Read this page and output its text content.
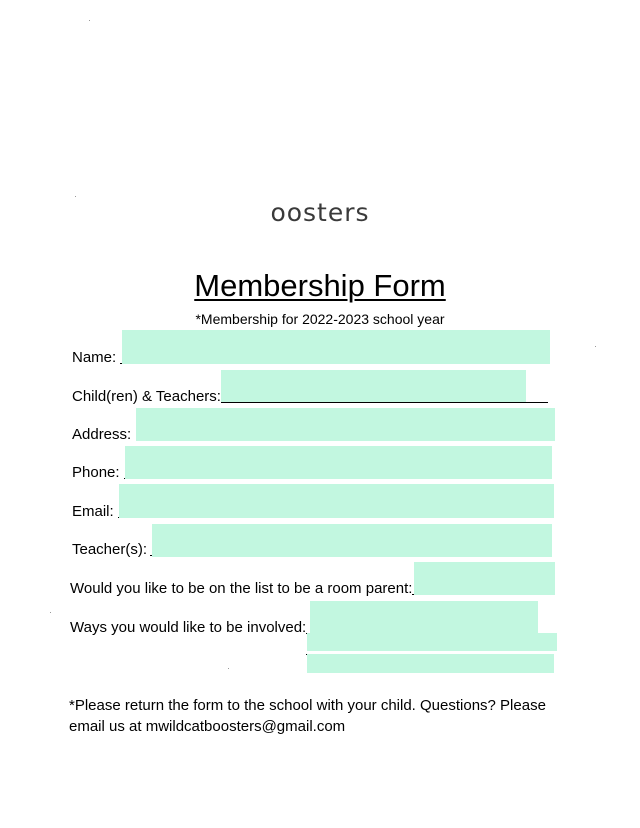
oosters
Membership Form
*Membership for 2022-2023 school year
Name:
Child(ren) & Teachers:
Address:
Phone:
Email:
Teacher(s):
Would you like to be on the list to be a room parent:
Ways you would like to be involved:
*Please return the form to the school with your child. Questions? Please email us at mwildcatboosters@gmail.com
